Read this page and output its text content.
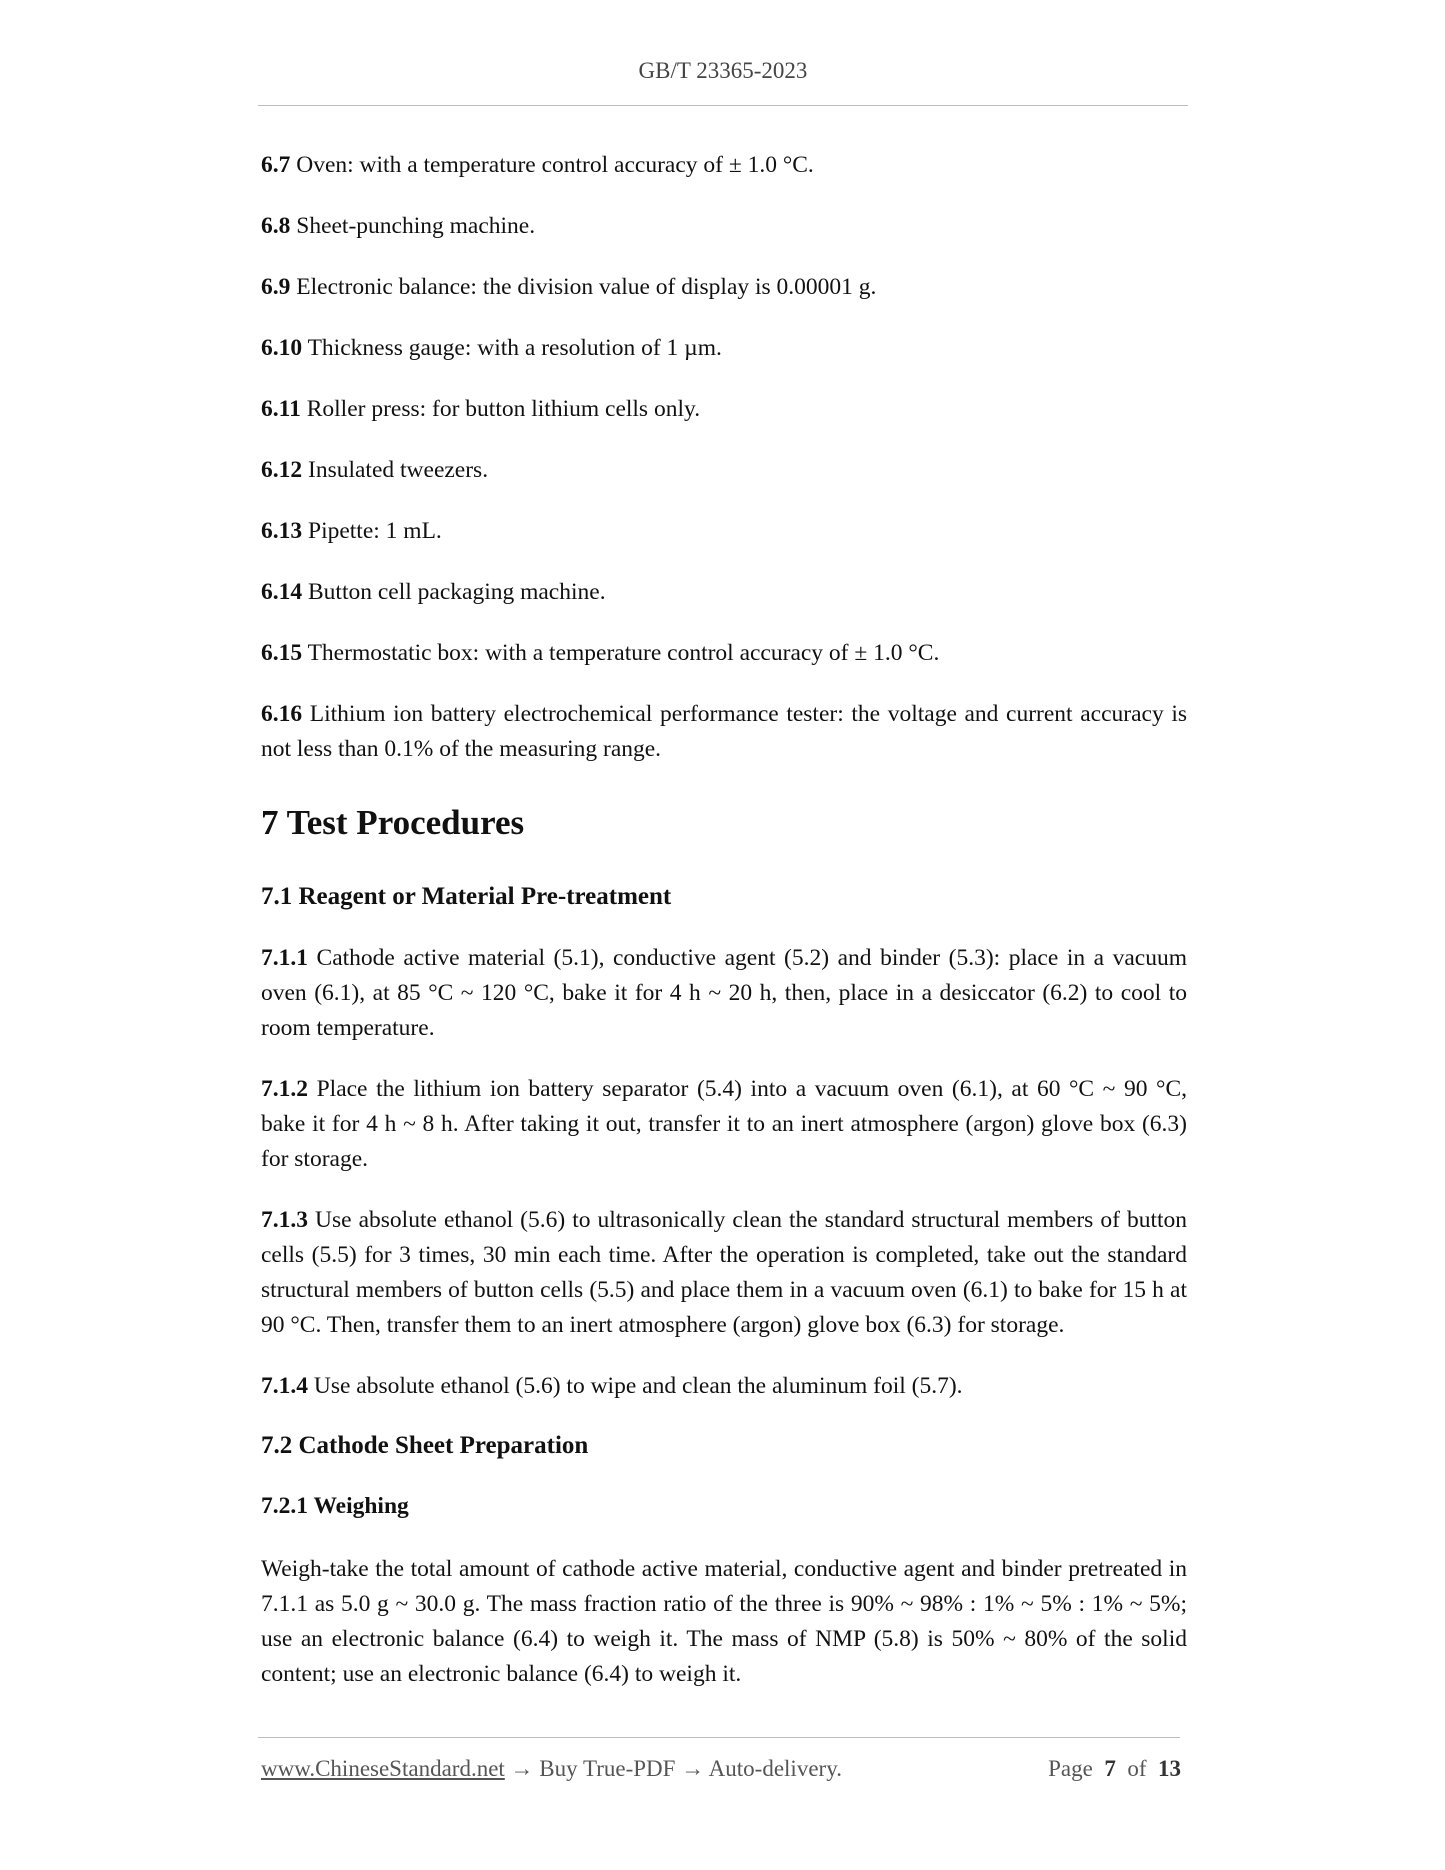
GB/T 23365-2023

6.7 Oven: with a temperature control accuracy of ± 1.0 °C.

6.8 Sheet-punching machine.

6.9 Electronic balance: the division value of display is 0.00001 g.

6.10 Thickness gauge: with a resolution of 1 µm.

6.11 Roller press: for button lithium cells only.

6.12 Insulated tweezers.

6.13 Pipette: 1 mL.

6.14 Button cell packaging machine.

6.15 Thermostatic box: with a temperature control accuracy of ± 1.0 °C.

6.16 Lithium ion battery electrochemical performance tester: the voltage and current accuracy is not less than 0.1% of the measuring range.

7 Test Procedures
7.1 Reagent or Material Pre-treatment

7.1.1 Cathode active material (5.1), conductive agent (5.2) and binder (5.3): place in a vacuum oven (6.1), at 85 °C ~ 120 °C, bake it for 4 h ~ 20 h, then, place in a desiccator (6.2) to cool to room temperature.

7.1.2 Place the lithium ion battery separator (5.4) into a vacuum oven (6.1), at 60 °C ~ 90 °C, bake it for 4 h ~ 8 h. After taking it out, transfer it to an inert atmosphere (argon) glove box (6.3) for storage.

7.1.3 Use absolute ethanol (5.6) to ultrasonically clean the standard structural members of button cells (5.5) for 3 times, 30 min each time. After the operation is completed, take out the standard structural members of button cells (5.5) and place them in a vacuum oven (6.1) to bake for 15 h at 90 °C. Then, transfer them to an inert atmosphere (argon) glove box (6.3) for storage.

7.1.4 Use absolute ethanol (5.6) to wipe and clean the aluminum foil (5.7).

7.2 Cathode Sheet Preparation
7.2.1 Weighing

Weigh-take the total amount of cathode active material, conductive agent and binder pretreated in 7.1.1 as 5.0 g ~ 30.0 g. The mass fraction ratio of the three is 90% ~ 98% : 1% ~ 5% : 1% ~ 5%; use an electronic balance (6.4) to weigh it. The mass of NMP (5.8) is 50% ~ 80% of the solid content; use an electronic balance (6.4) to weigh it.

www.ChineseStandard.net → Buy True-PDF → Auto-delivery.	Page 7 of 13
